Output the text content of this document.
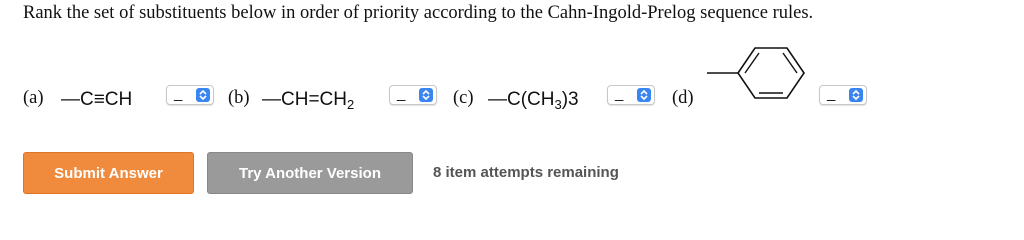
Rank the set of substituents below in order of priority according to the Cahn-Ingold-Prelog sequence rules.
(a) —C≡CH	_ (b) $—CH=CH_2$
_	(c) $—C(CH_3)3$ _	(d)	_
Submit Answer	Try Another Version	8 item attempts remaining
